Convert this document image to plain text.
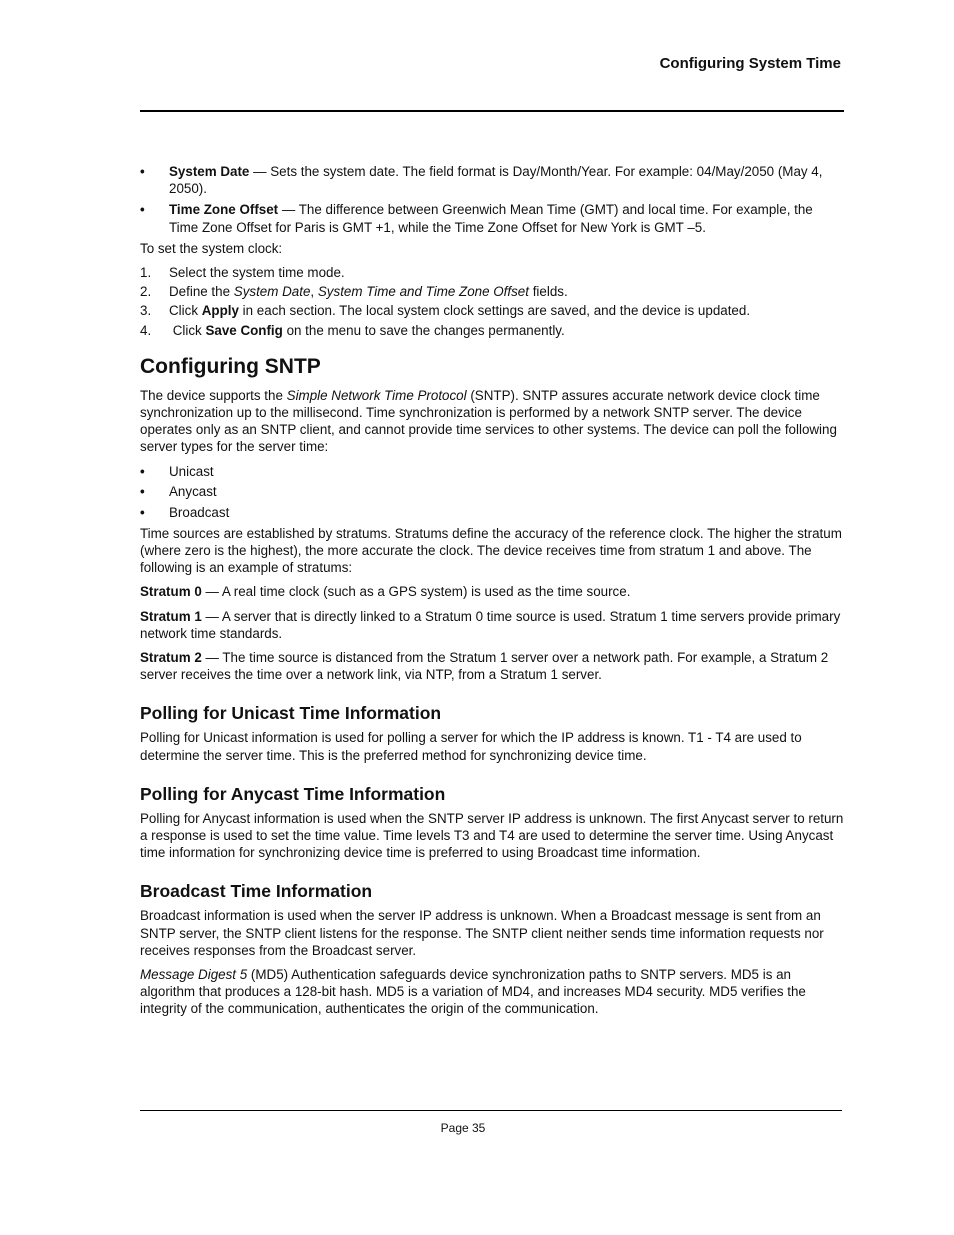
Configuring System Time
• System Date — Sets the system date. The field format is Day/Month/Year. For example: 04/May/2050 (May 4, 2050).
• Time Zone Offset — The difference between Greenwich Mean Time (GMT) and local time. For example, the Time Zone Offset for Paris is GMT +1, while the Time Zone Offset for New York is GMT –5.

To set the system clock:

1. Select the system time mode.
2. Define the System Date, System Time and Time Zone Offset fields.
3. Click Apply in each section. The local system clock settings are saved, and the device is updated.
4. Click Save Config on the menu to save the changes permanently.
Configuring SNTP

The device supports the Simple Network Time Protocol (SNTP). SNTP assures accurate network device clock time synchronization up to the millisecond. Time synchronization is performed by a network SNTP server. The device operates only as an SNTP client, and cannot provide time services to other systems. The device can poll the following server types for the server time:

• Unicast
• Anycast
• Broadcast

Time sources are established by stratums. Stratums define the accuracy of the reference clock. The higher the stratum (where zero is the highest), the more accurate the clock. The device receives time from stratum 1 and above. The following is an example of stratums:

Stratum 0 — A real time clock (such as a GPS system) is used as the time source.

Stratum 1 — A server that is directly linked to a Stratum 0 time source is used. Stratum 1 time servers provide primary network time standards.

Stratum 2 — The time source is distanced from the Stratum 1 server over a network path. For example, a Stratum 2 server receives the time over a network link, via NTP, from a Stratum 1 server.

Polling for Unicast Time Information

Polling for Unicast information is used for polling a server for which the IP address is known. T1 - T4 are used to determine the server time. This is the preferred method for synchronizing device time.

Polling for Anycast Time Information

Polling for Anycast information is used when the SNTP server IP address is unknown. The first Anycast server to return a response is used to set the time value. Time levels T3 and T4 are used to determine the server time. Using Anycast time information for synchronizing device time is preferred to using Broadcast time information.

Broadcast Time Information

Broadcast information is used when the server IP address is unknown. When a Broadcast message is sent from an SNTP server, the SNTP client listens for the response. The SNTP client neither sends time information requests nor receives responses from the Broadcast server.

Message Digest 5 (MD5) Authentication safeguards device synchronization paths to SNTP servers. MD5 is an algorithm that produces a 128-bit hash. MD5 is a variation of MD4, and increases MD4 security. MD5 verifies the integrity of the communication, authenticates the origin of the communication.

Page 35
